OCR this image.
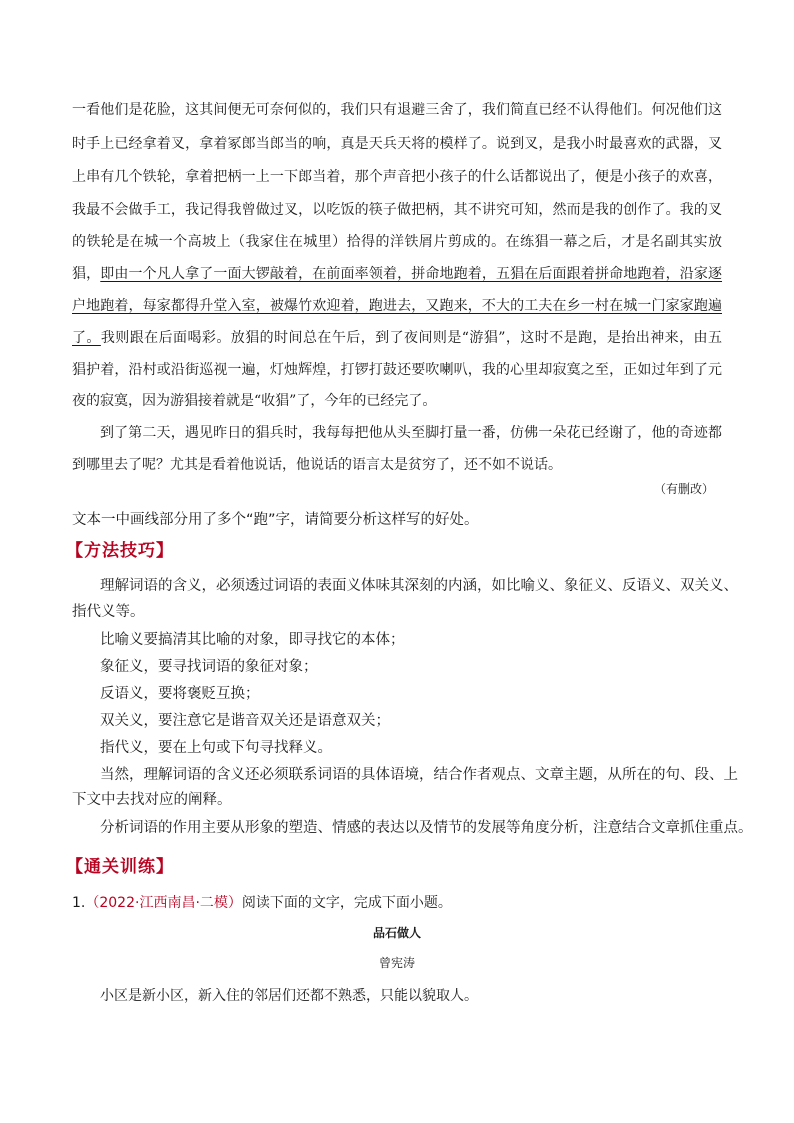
一看他们是花脸，这其间便无可奈何似的，我们只有退避三舍了，我们简直已经不认得他们。何况他们这
时手上已经拿着叉，拿着冢郎当郎当的响，真是天兵天将的模样了。说到叉，是我小时最喜欢的武器，叉
上串有几个铁轮，拿着把柄一上一下郎当着，那个声音把小孩子的什么话都说出了，便是小孩子的欢喜，
我最不会做手工，我记得我曾做过叉，以吃饭的筷子做把柄，其不讲究可知，然而是我的创作了。我的叉
的铁轮是在城一个高坡上（我家住在城里）拾得的洋铁屑片剪成的。在练猖一幕之后，才是名副其实放
猖，即由一个凡人拿了一面大锣敲着，在前面率领着，拼命地跑着，五猖在后面跟着拼命地跑着，沿家逐
户地跑着，每家都得升堂入室，被爆竹欢迎着，跑进去，又跑来，不大的工夫在乡一村在城一门家家跑遍
了。我则跟在后面喝彩。放猖的时间总在午后，到了夜间则是“游猖”，这时不是跑，是抬出神来，由五
猖护着，沿村或沿街巡视一遍，灯烛辉煌，打锣打鼓还要吹喇叭，我的心里却寂寞之至，正如过年到了元
夜的寂寞，因为游猖接着就是“收猖”了，今年的已经完了。
到了第二天，遇见昨日的猖兵时，我每每把他从头至脚打量一番，仿佛一朵花已经谢了，他的奇迹都
到哪里去了呢？尤其是看着他说话，他说话的语言太是贫穷了，还不如不说话。
（有删改）
文本一中画线部分用了多个“跑”字，请简要分析这样写的好处。
【方法技巧】
理解词语的含义，必须透过词语的表面义体味其深刻的内涵，如比喻义、象征义、反语义、双关义、
指代义等。
比喻义要搞清其比喻的对象，即寻找它的本体；
象征义，要寻找词语的象征对象；
反语义，要将褒贬互换；
双关义，要注意它是谐音双关还是语意双关；
指代义，要在上句或下句寻找释义。
当然，理解词语的含义还必须联系词语的具体语境，结合作者观点、文章主题，从所在的句、段、上
下文中去找对应的阐释。
分析词语的作用主要从形象的塑造、情感的表达以及情节的发展等角度分析，注意结合文章抓住重点。
【通关训练】
1.（2022·江西南昌·二模）阅读下面的文字，完成下面小题。
品石做人
曾宪涛
小区是新小区，新入住的邻居们还都不熟悉，只能以貌取人。
